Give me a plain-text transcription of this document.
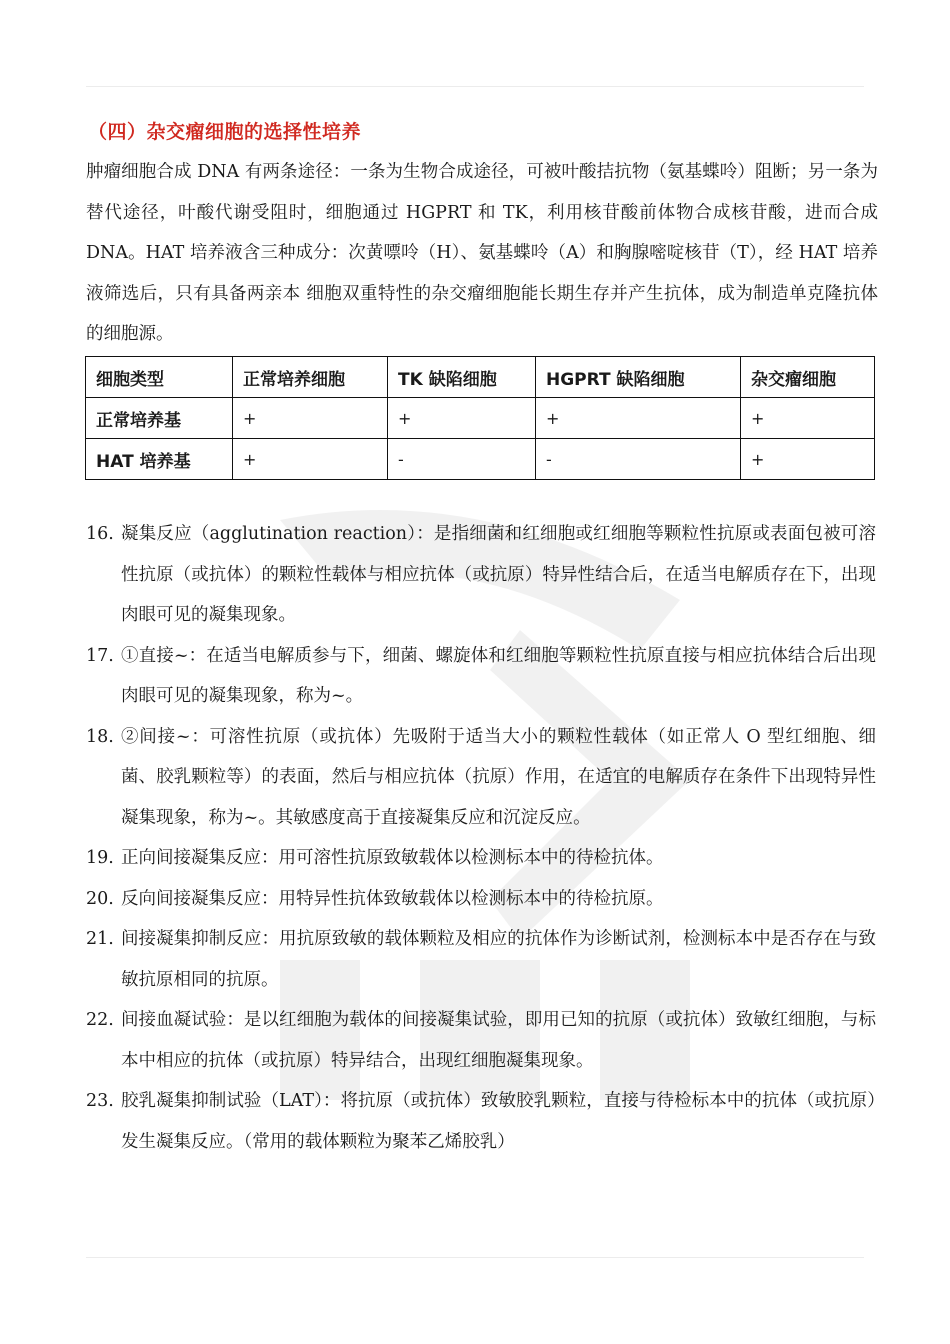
（四）杂交瘤细胞的选择性培养

肿瘤细胞合成 DNA 有两条途径：一条为生物合成途径，可被叶酸拮抗物（氨基蝶呤）阻断；另一条为替代途径，叶酸代谢受阻时，细胞通过 HGPRT 和 TK，利用核苷酸前体物合成核苷酸，进而合成 DNA。HAT 培养液含三种成分：次黄嘌呤（H）、氨基蝶呤（A）和胸腺嘧啶核苷（T），经 HAT 培养液筛选后，只有具备两亲本 细胞双重特性的杂交瘤细胞能长期生存并产生抗体，成为制造单克隆抗体的细胞源。

细胞类型	正常培养细胞	TK 缺陷细胞	HGPRT 缺陷细胞	杂交瘤细胞
正常培养基	+	+	+	+
HAT 培养基	+	-	-	+
16. 凝集反应（agglutination reaction）：是指细菌和红细胞或红细胞等颗粒性抗原或表面包被可溶性抗原（或抗体）的颗粒性载体与相应抗体（或抗原）特异性结合后，在适当电解质存在下，出现肉眼可见的凝集现象。
17. ①直接~：在适当电解质参与下，细菌、螺旋体和红细胞等颗粒性抗原直接与相应抗体结合后出现肉眼可见的凝集现象，称为~。
18. ②间接~：可溶性抗原（或抗体）先吸附于适当大小的颗粒性载体（如正常人 O 型红细胞、细菌、胶乳颗粒等）的表面，然后与相应抗体（抗原）作用，在适宜的电解质存在条件下出现特异性凝集现象，称为~。其敏感度高于直接凝集反应和沉淀反应。
19. 正向间接凝集反应：用可溶性抗原致敏载体以检测标本中的待检抗体。
20. 反向间接凝集反应：用特异性抗体致敏载体以检测标本中的待检抗原。
21. 间接凝集抑制反应：用抗原致敏的载体颗粒及相应的抗体作为诊断试剂，检测标本中是否存在与致敏抗原相同的抗原。
22. 间接血凝试验：是以红细胞为载体的间接凝集试验，即用已知的抗原（或抗体）致敏红细胞，与标本中相应的抗体（或抗原）特异结合，出现红细胞凝集现象。
23. 胶乳凝集抑制试验（LAT）：将抗原（或抗体）致敏胶乳颗粒，直接与待检标本中的抗体（或抗原）发生凝集反应。（常用的载体颗粒为聚苯乙烯胶乳）
